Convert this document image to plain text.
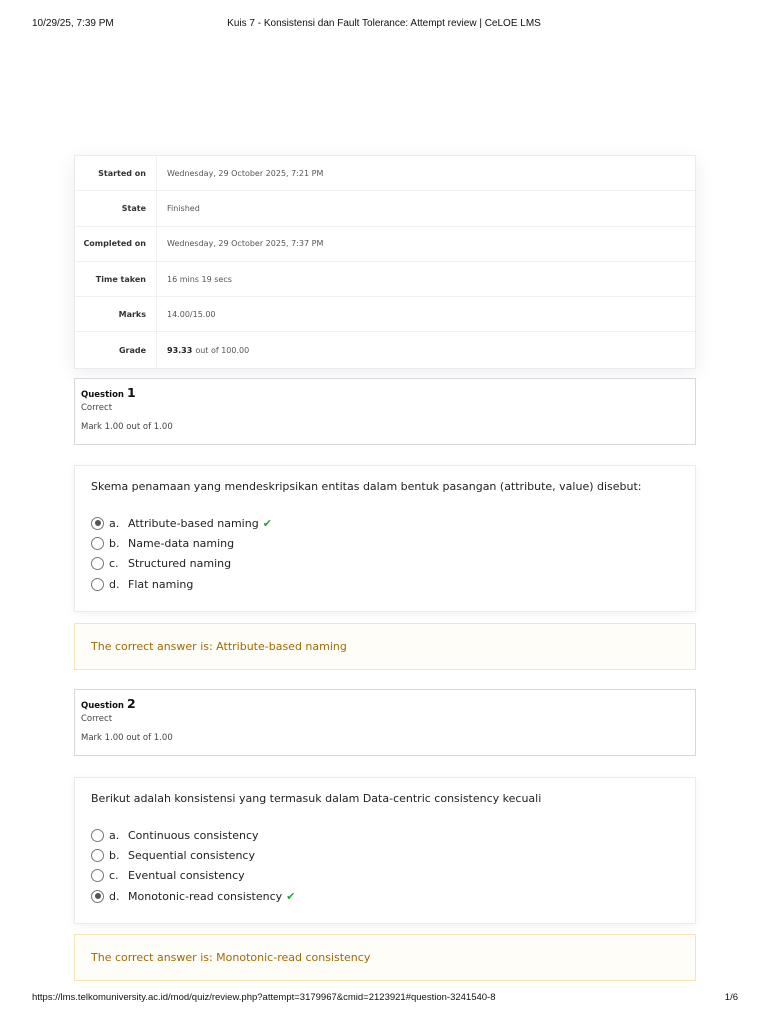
10/29/25, 7:39 PM	Kuis 7 - Konsistensi dan Fault Tolerance: Attempt review | CeLOE LMS
Started on	Wednesday, 29 October 2025, 7:21 PM
State	Finished
Completed on	Wednesday, 29 October 2025, 7:37 PM
Time taken	16 mins 19 secs
Marks	14.00/15.00
Grade	93.33 out of 100.00
Question 1
Correct
Mark 1.00 out of 1.00
Skema penamaan yang mendeskripsikan entitas dalam bentuk pasangan (attribute, value) disebut:
a. Attribute-based naming ✔
b. Name-data naming
c. Structured naming
d. Flat naming
The correct answer is: Attribute-based naming
Question 2
Correct
Mark 1.00 out of 1.00
Berikut adalah konsistensi yang termasuk dalam Data-centric consistency kecuali
a. Continuous consistency
b. Sequential consistency
c. Eventual consistency
d. Monotonic-read consistency ✔
The correct answer is: Monotonic-read consistency
https://lms.telkomuniversity.ac.id/mod/quiz/review.php?attempt=3179967&cmid=2123921#question-3241540-8	1/6
